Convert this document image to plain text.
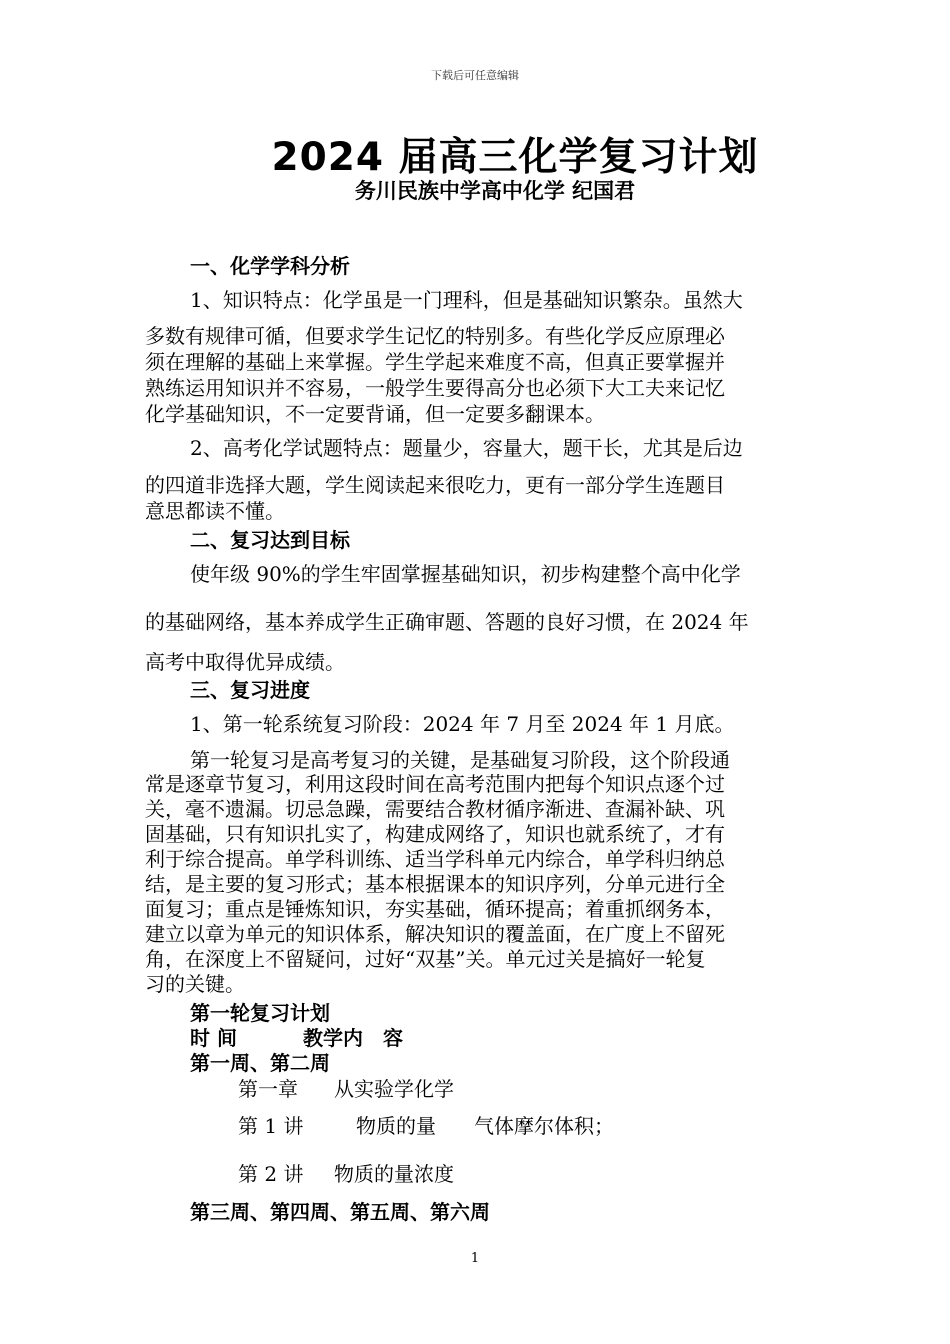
下载后可任意编辑
2024 届高三化学复习计划
务川民族中学高中化学 纪国君
一、化学学科分析
1、知识特点：化学虽是一门理科，但是基础知识繁杂。虽然大
多数有规律可循，但要求学生记忆的特别多。有些化学反应原理必
须在理解的基础上来掌握。学生学起来难度不高，但真正要掌握并
熟练运用知识并不容易，一般学生要得高分也必须下大工夫来记忆
化学基础知识，不一定要背诵，但一定要多翻课本。
2、高考化学试题特点：题量少，容量大，题干长，尤其是后边
的四道非选择大题，学生阅读起来很吃力，更有一部分学生连题目
意思都读不懂。
二、复习达到目标
使年级 90%的学生牢固掌握基础知识，初步构建整个高中化学
的基础网络，基本养成学生正确审题、答题的良好习惯，在 2024 年
高考中取得优异成绩。
三、复习进度
1、第一轮系统复习阶段：2024 年 7 月至 2024 年 1 月底。
第一轮复习是高考复习的关键，是基础复习阶段，这个阶段通
常是逐章节复习，利用这段时间在高考范围内把每个知识点逐个过
关，毫不遗漏。切忌急躁，需要结合教材循序渐进、查漏补缺、巩
固基础，只有知识扎实了，构建成网络了，知识也就系统了，才有
利于综合提高。单学科训练、适当学科单元内综合，单学科归纳总
结，是主要的复习形式；基本根据课本的知识序列，分单元进行全
面复习；重点是锤炼知识，夯实基础，循环提高；着重抓纲务本，
建立以章为单元的知识体系，解决知识的覆盖面，在广度上不留死
角，在深度上不留疑问，过好“双基”关。单元过关是搞好一轮复
习的关键。
第一轮复习计划
时 间	教学内　容
第一周、第二周
第一章 从实验学化学
第 1 讲	物质的量 气体摩尔体积；
第 2 讲 物质的量浓度
第三周、第四周、第五周、第六周
1
